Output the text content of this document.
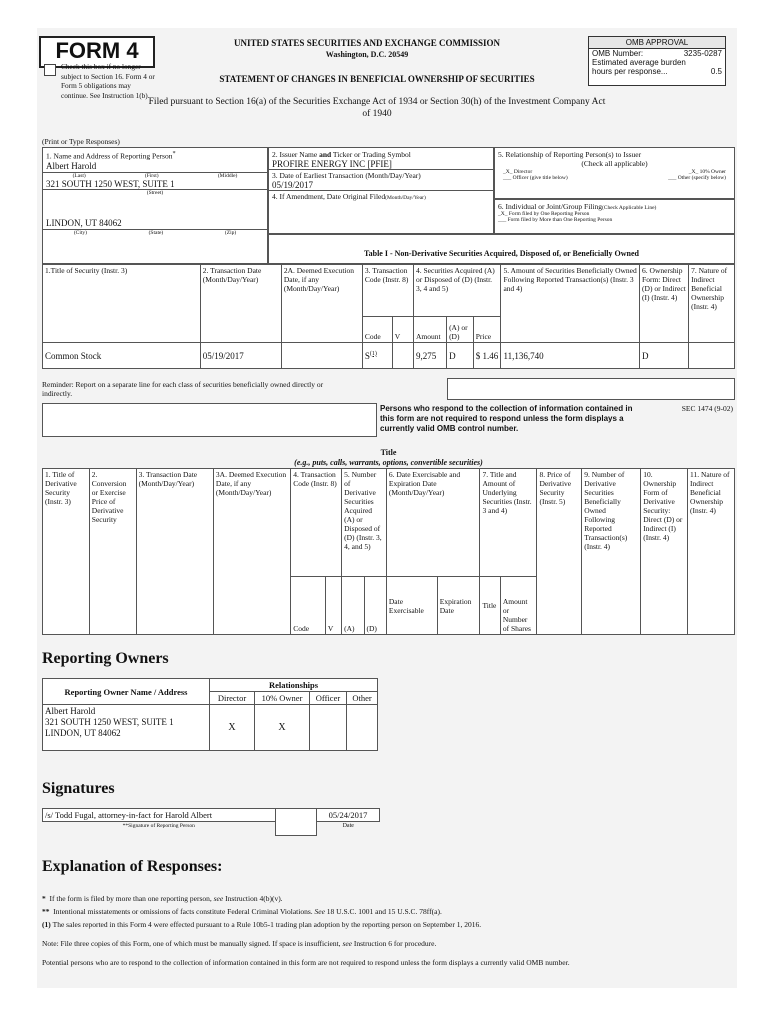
FORM 4
Check this box if no longer subject to Section 16. Form 4 or Form 5 obligations may continue. See Instruction 1(b).
UNITED STATES SECURITIES AND EXCHANGE COMMISSION
Washington, D.C. 20549
STATEMENT OF CHANGES IN BENEFICIAL OWNERSHIP OF SECURITIES
Filed pursuant to Section 16(a) of the Securities Exchange Act of 1934 or Section 30(h) of the Investment Company Act of 1940
OMB APPROVAL
OMB Number:	3235-0287
Estimated average burden
hours per response...	0.5
(Print or Type Responses)
1. Name and Address of Reporting Person*
Albert Harold
(Last)	(First)	(Middle)
321 SOUTH 1250 WEST, SUITE 1
(Street)
LINDON, UT 84062
(City)	(State)	(Zip)
2. Issuer Name and Ticker or Trading Symbol
PROFIRE ENERGY INC [PFIE]
3. Date of Earliest Transaction (Month/Day/Year)
05/19/2017
4. If Amendment, Date Original Filed(Month/Day/Year)
5. Relationship of Reporting Person(s) to Issuer
(Check all applicable)
_X_ Director	_X_ 10% Owner
___ Officer (give title below)	___ Other (specify below)
6. Individual or Joint/Group Filing(Check Applicable Line)
_X_ Form filed by One Reporting Person
___ Form filed by More than One Reporting Person
Table I - Non-Derivative Securities Acquired, Disposed of, or Beneficially Owned
1.Title of Security (Instr. 3)	2. Transaction Date (Month/Day/Year)	2A. Deemed Execution Date, if any (Month/Day/Year)	3. Transaction Code (Instr. 8)		4. Securities Acquired (A) or Disposed of (D) (Instr. 3, 4 and 5)			5. Amount of Securities Beneficially Owned Following Reported Transaction(s) (Instr. 3 and 4)	6. Ownership Form: Direct (D) or Indirect (I) (Instr. 4)	7. Nature of Indirect Beneficial Ownership (Instr. 4)
			Code	V	Amount	(A) or (D)	Price			
Common Stock	05/19/2017		$S^{(1)}$		9,275	D	$ 1.46	11,136,740	D	
Reminder: Report on a separate line for each class of securities beneficially owned directly or indirectly.
Persons who respond to the collection of information contained in this form are not required to respond unless the form displays a currently valid OMB control number.
SEC 1474 (9-02)
Title
(e.g., puts, calls, warrants, options, convertible securities)
1. Title of Derivative Security (Instr. 3)	2. Conversion or Exercise Price of Derivative Security	3. Transaction Date (Month/Day/Year)	3A. Deemed Execution Date, if any (Month/Day/Year)	4. Transaction Code (Instr. 8)		5. Number of Derivative Securities Acquired (A) or Disposed of (D) (Instr. 3, 4, and 5)		6. Date Exercisable and Expiration Date (Month/Day/Year)		7. Title and Amount of Underlying Securities (Instr. 3 and 4)		8. Price of Derivative Security (Instr. 5)	9. Number of Derivative Securities Beneficially Owned Following Reported Transaction(s) (Instr. 4)	10. Ownership Form of Derivative Security: Direct (D) or Indirect (I) (Instr. 4)	11. Nature of Indirect Beneficial Ownership (Instr. 4)
				Code	V	(A)	(D)	Date Exercisable	Expiration Date	Title	Amount or Number of Shares				
Reporting Owners
Reporting Owner Name / Address	Relationships			
	Director	10% Owner	Officer	Other

Albert Harold
321 SOUTH 1250 WEST, SUITE 1
LINDON, UT 84062	X	X		
Signatures
/s/ Todd Fugal, attorney-in-fact for Harold Albert		05/24/2017
**Signature of Reporting Person		Date
Explanation of Responses:
* If the form is filed by more than one reporting person, see Instruction 4(b)(v).
** Intentional misstatements or omissions of facts constitute Federal Criminal Violations. See 18 U.S.C. 1001 and 15 U.S.C. 78ff(a).
(1) The sales reported in this Form 4 were effected pursuant to a Rule 10b5-1 trading plan adoption by the reporting person on September 1, 2016.
Note: File three copies of this Form, one of which must be manually signed. If space is insufficient, see Instruction 6 for procedure.
Potential persons who are to respond to the collection of information contained in this form are not required to respond unless the form displays a currently valid OMB number.
